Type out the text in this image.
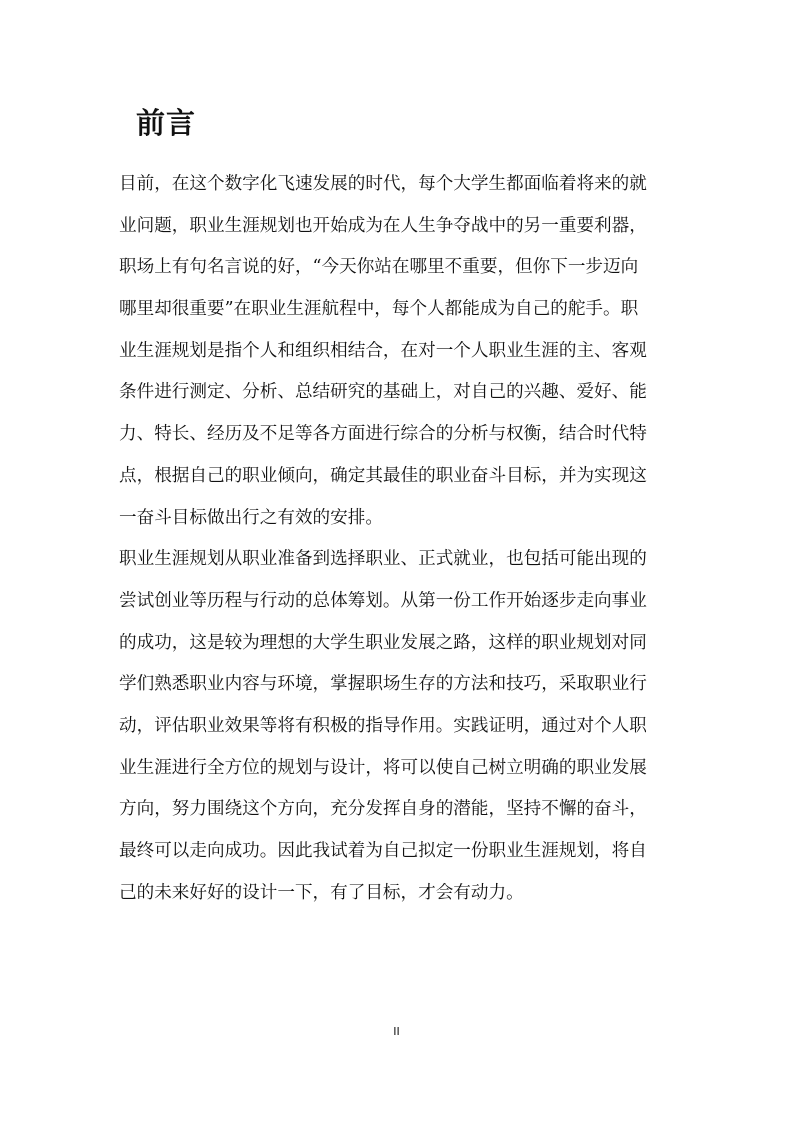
前言
目前，在这个数字化飞速发展的时代，每个大学生都面临着将来的就
业问题，职业生涯规划也开始成为在人生争夺战中的另一重要利器，
职场上有句名言说的好，“今天你站在哪里不重要，但你下一步迈向
哪里却很重要”在职业生涯航程中，每个人都能成为自己的舵手。职
业生涯规划是指个人和组织相结合，在对一个人职业生涯的主、客观
条件进行测定、分析、总结研究的基础上，对自己的兴趣、爱好、能
力、特长、经历及不足等各方面进行综合的分析与权衡，结合时代特
点，根据自己的职业倾向，确定其最佳的职业奋斗目标，并为实现这
一奋斗目标做出行之有效的安排。
职业生涯规划从职业准备到选择职业、正式就业，也包括可能出现的
尝试创业等历程与行动的总体筹划。从第一份工作开始逐步走向事业
的成功，这是较为理想的大学生职业发展之路，这样的职业规划对同
学们熟悉职业内容与环境，掌握职场生存的方法和技巧，采取职业行
动，评估职业效果等将有积极的指导作用。实践证明，通过对个人职
业生涯进行全方位的规划与设计，将可以使自己树立明确的职业发展
方向，努力围绕这个方向，充分发挥自身的潜能，坚持不懈的奋斗，
最终可以走向成功。因此我试着为自己拟定一份职业生涯规划，将自
己的未来好好的设计一下，有了目标，才会有动力。
II
